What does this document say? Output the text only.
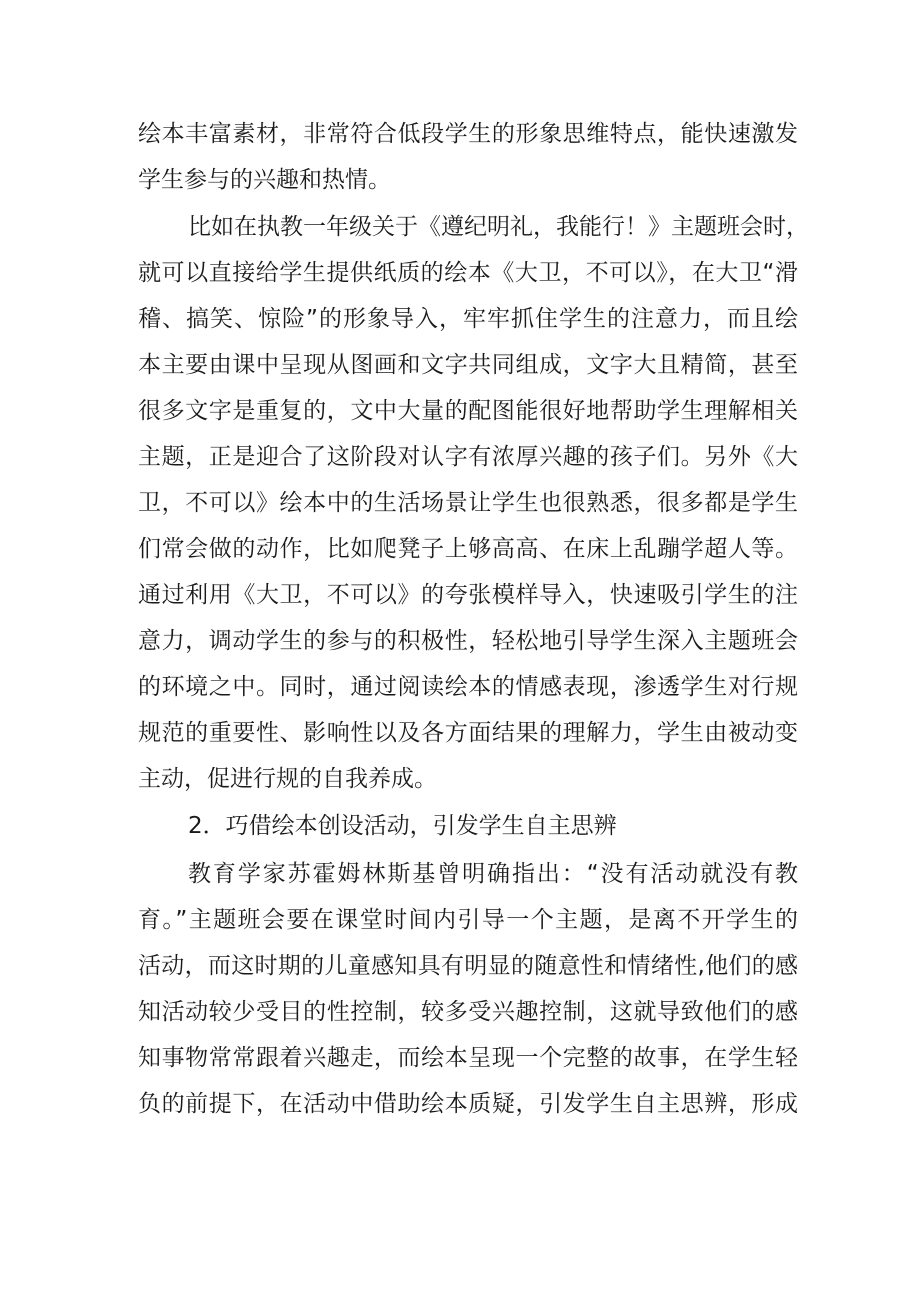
绘本丰富素材，非常符合低段学生的形象思维特点，能快速激发
学生参与的兴趣和热情。
比如在执教一年级关于《遵纪明礼，我能行！》主题班会时，
就可以直接给学生提供纸质的绘本《大卫，不可以》，在大卫“滑
稽、搞笑、惊险”的形象导入，牢牢抓住学生的注意力，而且绘
本主要由课中呈现从图画和文字共同组成，文字大且精简，甚至
很多文字是重复的，文中大量的配图能很好地帮助学生理解相关
主题，正是迎合了这阶段对认字有浓厚兴趣的孩子们。另外《大
卫，不可以》绘本中的生活场景让学生也很熟悉，很多都是学生
们常会做的动作，比如爬凳子上够高高、在床上乱蹦学超人等。
通过利用《大卫，不可以》的夸张模样导入，快速吸引学生的注
意力，调动学生的参与的积极性，轻松地引导学生深入主题班会
的环境之中。同时，通过阅读绘本的情感表现，渗透学生对行规
规范的重要性、影响性以及各方面结果的理解力，学生由被动变
主动，促进行规的自我养成。
2．巧借绘本创设活动，引发学生自主思辨
教育学家苏霍姆林斯基曾明确指出：“没有活动就没有教
育。”主题班会要在课堂时间内引导一个主题，是离不开学生的
活动，而这时期的儿童感知具有明显的随意性和情绪性,他们的感
知活动较少受目的性控制，较多受兴趣控制，这就导致他们的感
知事物常常跟着兴趣走，而绘本呈现一个完整的故事，在学生轻
负的前提下，在活动中借助绘本质疑，引发学生自主思辨，形成
